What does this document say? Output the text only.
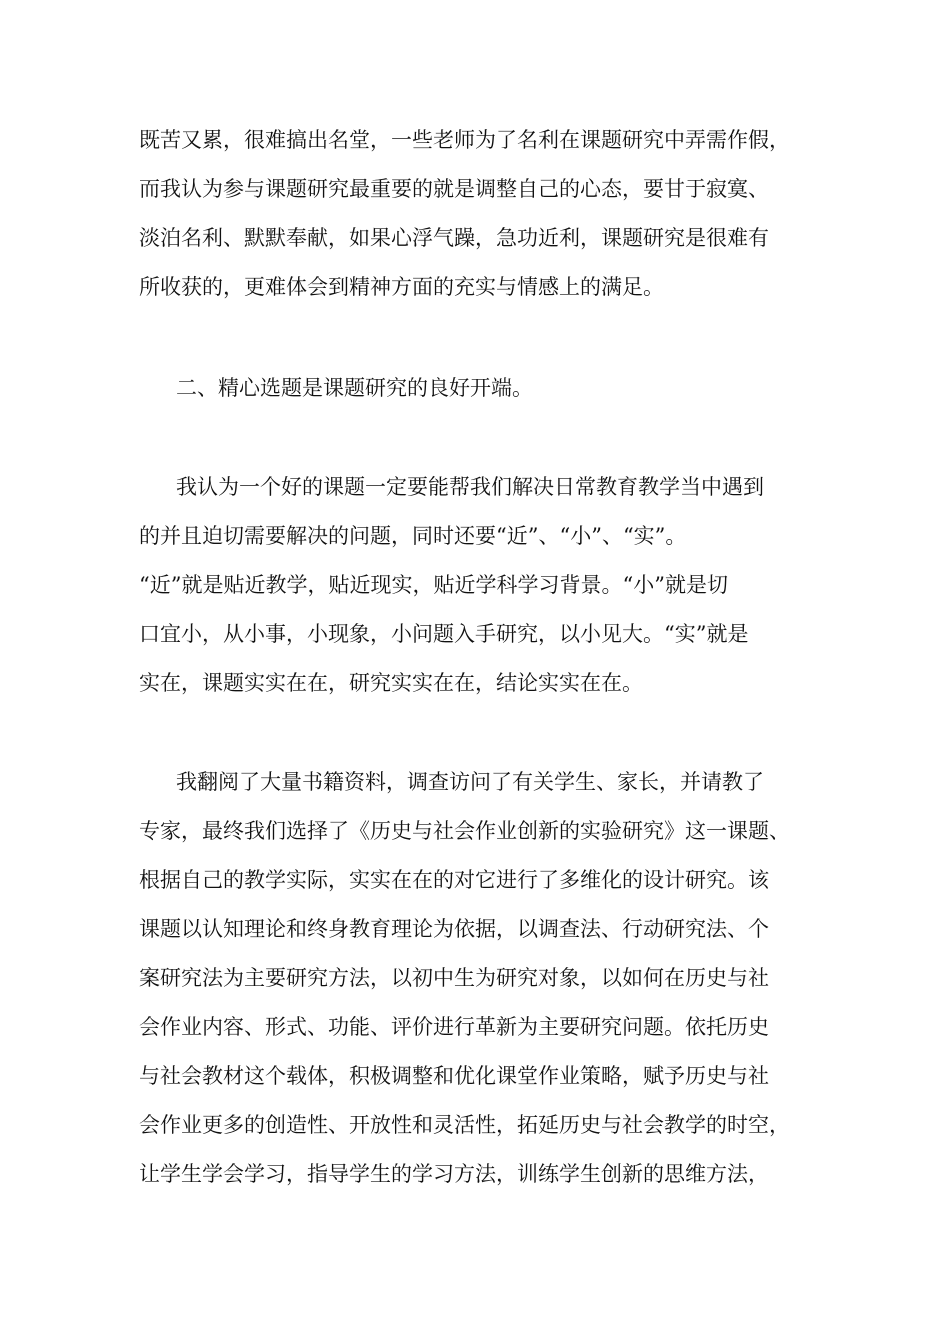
既苦又累，很难搞出名堂，一些老师为了名利在课题研究中弄需作假，
而我认为参与课题研究最重要的就是调整自己的心态，要甘于寂寞、
淡泊名利、默默奉献，如果心浮气躁，急功近利，课题研究是很难有
所收获的，更难体会到精神方面的充实与情感上的满足。
二、精心选题是课题研究的良好开端。
我认为一个好的课题一定要能帮我们解决日常教育教学当中遇到
的并且迫切需要解决的问题，同时还要“近”、“小”、“实”。
“近”就是贴近教学，贴近现实，贴近学科学习背景。“小”就是切
口宜小，从小事，小现象，小问题入手研究，以小见大。“实”就是
实在，课题实实在在，研究实实在在，结论实实在在。
我翻阅了大量书籍资料，调查访问了有关学生、家长，并请教了
专家，最终我们选择了《历史与社会作业创新的实验研究》这一课题、
根据自己的教学实际，实实在在的对它进行了多维化的设计研究。该
课题以认知理论和终身教育理论为依据，以调查法、行动研究法、个
案研究法为主要研究方法，以初中生为研究对象，以如何在历史与社
会作业内容、形式、功能、评价进行革新为主要研究问题。依托历史
与社会教材这个载体，积极调整和优化课堂作业策略，赋予历史与社
会作业更多的创造性、开放性和灵活性，拓延历史与社会教学的时空，
让学生学会学习，指导学生的学习方法，训练学生创新的思维方法，
